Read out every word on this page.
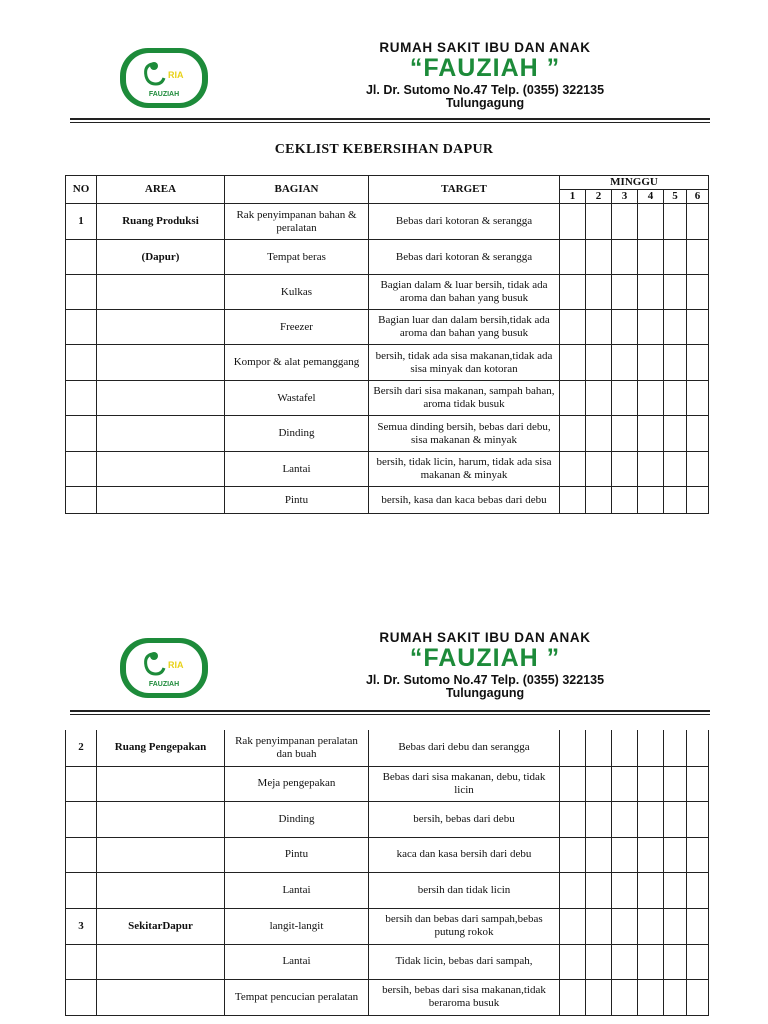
RIA
FAUZIAH
RUMAH SAKIT IBU DAN ANAK
“FAUZIAH ”
Jl. Dr. Sutomo No.47 Telp. (0355) 322135
Tulungagung
CEKLIST KEBERSIHAN DAPUR
NO	AREA	BAGIAN	TARGET	MINGGU					
				1	2	3	4	5	6
1	Ruang Produksi	Rak penyimpanan bahan & peralatan	Bebas dari kotoran & serangga						
	(Dapur)	Tempat beras	Bebas dari kotoran & serangga						
		Kulkas	Bagian dalam & luar bersih, tidak ada aroma dan bahan yang busuk						
		Freezer	Bagian luar dan dalam bersih,tidak ada aroma dan bahan yang busuk						
		Kompor & alat pemanggang	bersih, tidak ada sisa makanan,tidak ada sisa minyak dan kotoran						
		Wastafel	Bersih dari sisa makanan, sampah bahan, aroma tidak busuk						
		Dinding	Semua dinding bersih, bebas dari debu, sisa makanan & minyak						
		Lantai	bersih, tidak licin, harum, tidak ada sisa makanan & minyak						
		Pintu	bersih, kasa dan kaca bebas dari debu						
RIA
FAUZIAH
RUMAH SAKIT IBU DAN ANAK
“FAUZIAH ”
Jl. Dr. Sutomo No.47 Telp. (0355) 322135
Tulungagung
2	Ruang Pengepakan	Rak penyimpanan peralatan dan buah	Bebas dari debu dan serangga						
		Meja pengepakan	Bebas dari sisa makanan, debu, tidak licin						
		Dinding	bersih, bebas dari debu						
		Pintu	kaca dan kasa bersih dari debu						
		Lantai	bersih dan tidak licin						
3	SekitarDapur	langit-langit	bersih dan bebas dari sampah,bebas putung rokok						
		Lantai	Tidak licin, bebas dari sampah,						
		Tempat pencucian peralatan	bersih, bebas dari sisa makanan,tidak beraroma busuk						
